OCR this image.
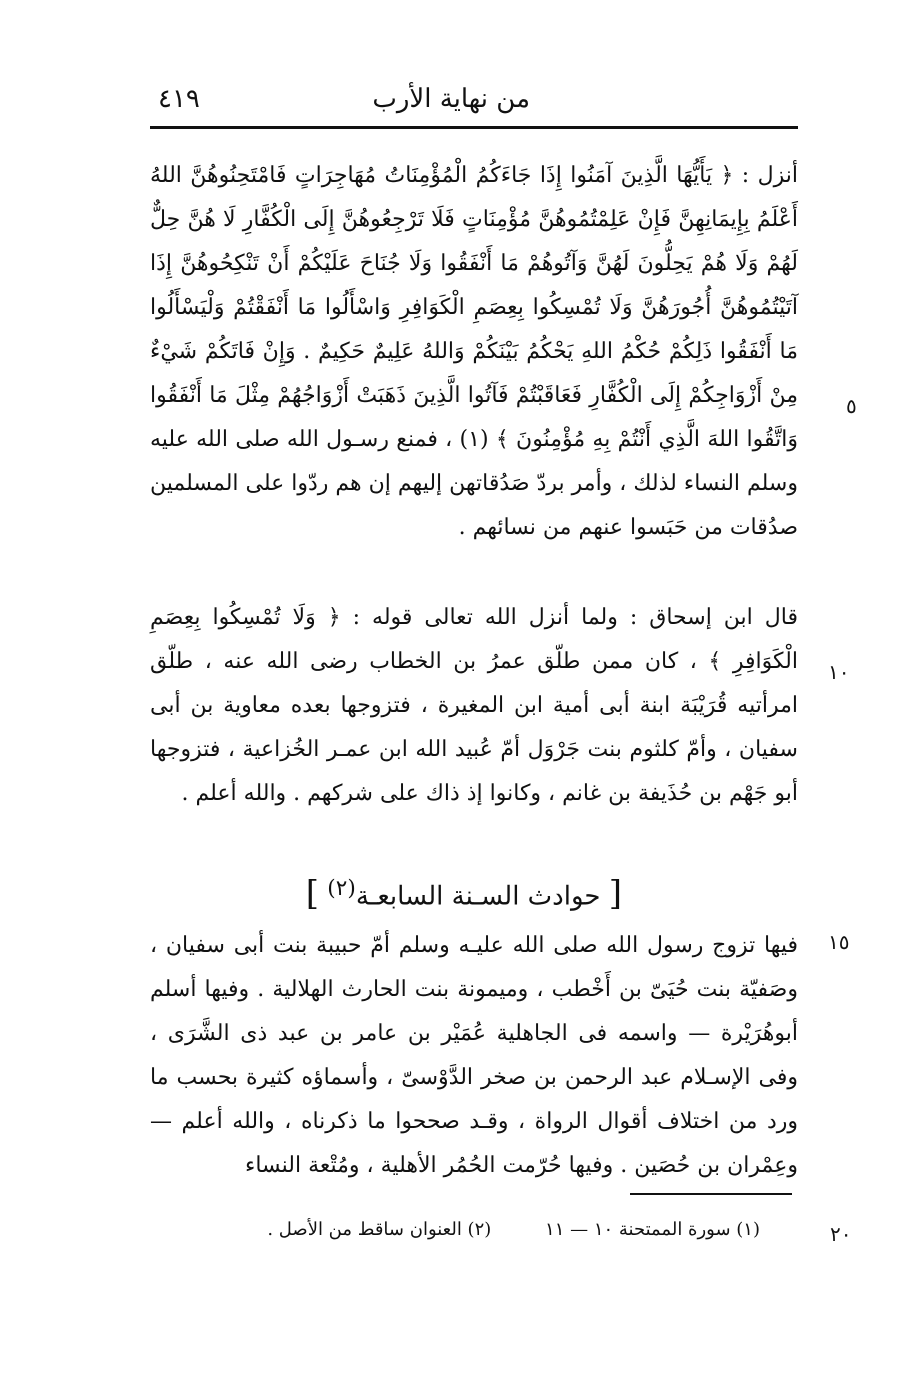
٤١٩	من نهاية الأرب

أنزل : ﴿ يَأَيُّهَا الَّذِينَ آمَنُوا إِذَا جَاءَكُمُ الْمُؤْمِنَاتُ مُهَاجِرَاتٍ فَامْتَحِنُوهُنَّ اللهُ أَعْلَمُ بِإِيمَانِهِنَّ فَإِنْ عَلِمْتُمُوهُنَّ مُؤْمِنَاتٍ فَلَا تَرْجِعُوهُنَّ إِلَى الْكُفَّارِ لَا هُنَّ حِلٌّ لَهُمْ وَلَا هُمْ يَحِلُّونَ لَهُنَّ وَآتُوهُمْ مَا أَنْفَقُوا وَلَا جُنَاحَ عَلَيْكُمْ أَنْ تَنْكِحُوهُنَّ إِذَا آتَيْتُمُوهُنَّ أُجُورَهُنَّ وَلَا تُمْسِكُوا بِعِصَمِ الْكَوَافِرِ وَاسْأَلُوا مَا أَنْفَقْتُمْ وَلْيَسْأَلُوا مَا أَنْفَقُوا ذَلِكُمْ حُكْمُ اللهِ يَحْكُمُ بَيْنَكُمْ وَاللهُ عَلِيمٌ حَكِيمٌ . وَإِنْ فَاتَكُمْ شَيْءٌ مِنْ أَزْوَاجِكُمْ إِلَى الْكُفَّارِ فَعَاقَبْتُمْ فَآتُوا الَّذِينَ ذَهَبَتْ أَزْوَاجُهُمْ مِثْلَ مَا أَنْفَقُوا وَاتَّقُوا اللهَ الَّذِي أَنْتُمْ بِهِ مُؤْمِنُونَ ﴾ (١) ، فمنع رسـول الله صلى الله عليه وسلم النساء لذلك ، وأمر بردّ صَدُقاتهن إليهم إن هم ردّوا على المسلمين صدُقات من حَبَسوا عنهم من نسائهم .

٥

قال ابن إسحاق : ولما أنزل الله تعالى قوله : ﴿ وَلَا تُمْسِكُوا بِعِصَمِ الْكَوَافِرِ ﴾ ، كان ممن طلّق عمرُ بن الخطاب رضى الله عنه ، طلّق امرأتيه قُرَيْبَة ابنة أبى أمية ابن المغيرة ، فتزوجها بعده معاوية بن أبى سفيان ، وأمّ كلثوم بنت جَرْوَل أمّ عُبيد الله ابن عمـر الخُزاعية ، فتزوجها أبو جَهْم بن حُذَيفة بن غانم ، وكانوا إذ ذاك على شركهم . والله أعلم .

١٠
[ حوادث السـنة السابعـة$^{(٢)}$ ]

فيها تزوج رسول الله صلى الله عليـه وسلم أمّ حبيبة بنت أبى سفيان ، وصَفيّة بنت حُيَىّ بن أَخْطب ، وميمونة بنت الحارث الهلالية . وفيها أسلم أبوهُرَيْرة — واسمه فى الجاهلية عُمَيْر بن عامر بن عبد ذى الشَّرَى ، وفى الإسـلام عبد الرحمن بن صخر الدَّوْسىّ ، وأسماؤه كثيرة بحسب ما ورد من اختلاف أقوال الرواة ، وقـد صححوا ما ذكرناه ، والله أعلم — وعِمْران بن حُصَين . وفيها حُرّمت الحُمُر الأهلية ، ومُتْعة النساء

١٥
(١) سورة الممتحنة ١٠ — ١١ (٢) العنوان ساقط من الأصل .	٢٠
